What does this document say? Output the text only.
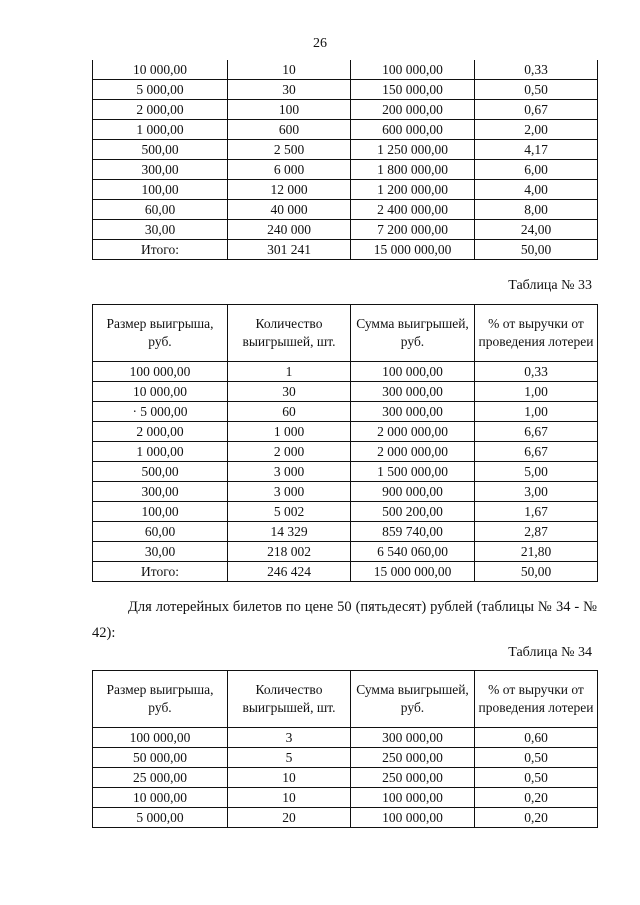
26
10 000,00	10	100 000,00	0,33
5 000,00	30	150 000,00	0,50
2 000,00	100	200 000,00	0,67
1 000,00	600	600 000,00	2,00
500,00	2 500	1 250 000,00	4,17
300,00	6 000	1 800 000,00	6,00
100,00	12 000	1 200 000,00	4,00
60,00	40 000	2 400 000,00	8,00
30,00	240 000	7 200 000,00	24,00
Итого:	301 241	15 000 000,00	50,00
Таблица № 33
Размер выигрыша, руб.	Количество выигрышей, шт.	Сумма выигрышей, руб.	% от выручки от проведения лотереи
100 000,00	1	100 000,00	0,33
10 000,00	30	300 000,00	1,00
· 5 000,00	60	300 000,00	1,00
2 000,00	1 000	2 000 000,00	6,67
1 000,00	2 000	2 000 000,00	6,67
500,00	3 000	1 500 000,00	5,00
300,00	3 000	900 000,00	3,00
100,00	5 002	500 200,00	1,67
60,00	14 329	859 740,00	2,87
30,00	218 002	6 540 060,00	21,80
Итого:	246 424	15 000 000,00	50,00

Для лотерейных билетов по цене 50 (пятьдесят) рублей (таблицы № 34 - № 42):

Таблица № 34
Размер выигрыша, руб.	Количество выигрышей, шт.	Сумма выигрышей, руб.	% от выручки от проведения лотереи
100 000,00	3	300 000,00	0,60
50 000,00	5	250 000,00	0,50
25 000,00	10	250 000,00	0,50
10 000,00	10	100 000,00	0,20
5 000,00	20	100 000,00	0,20
